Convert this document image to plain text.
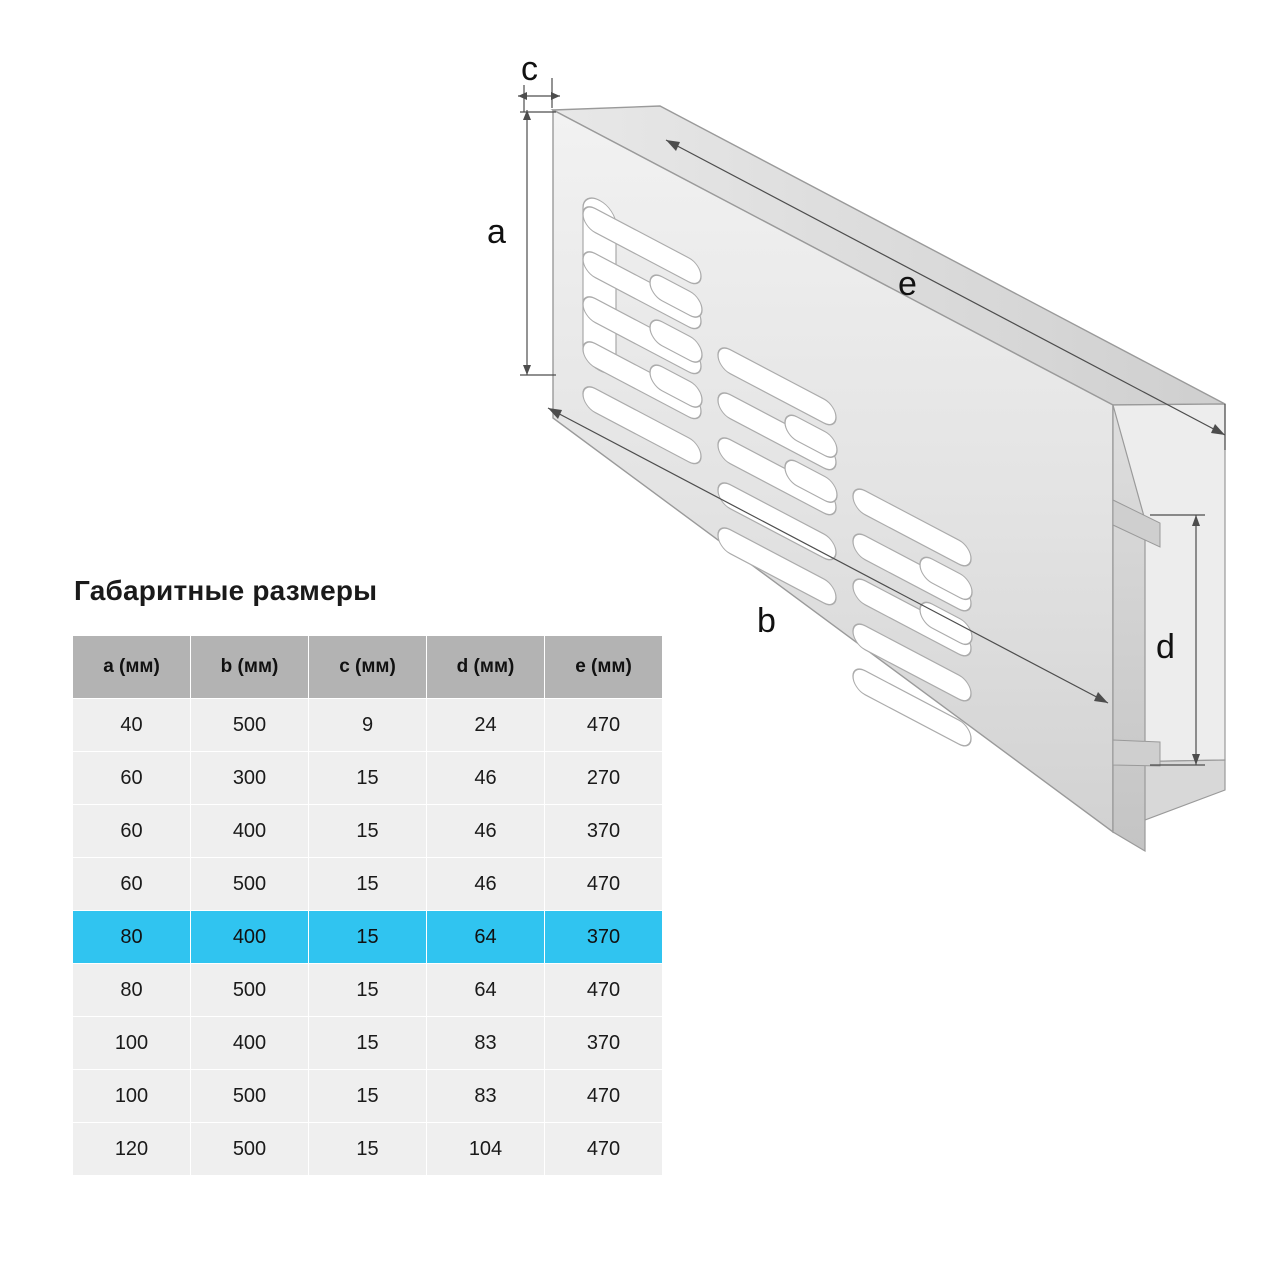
c
a
b
e
d
Габаритные размеры
a (мм)	b (мм)	c (мм)	d (мм)	e (мм)
40	500	9	24	470
60	300	15	46	270
60	400	15	46	370
60	500	15	46	470
80	400	15	64	370
80	500	15	64	470
100	400	15	83	370
100	500	15	83	470
120	500	15	104	470
